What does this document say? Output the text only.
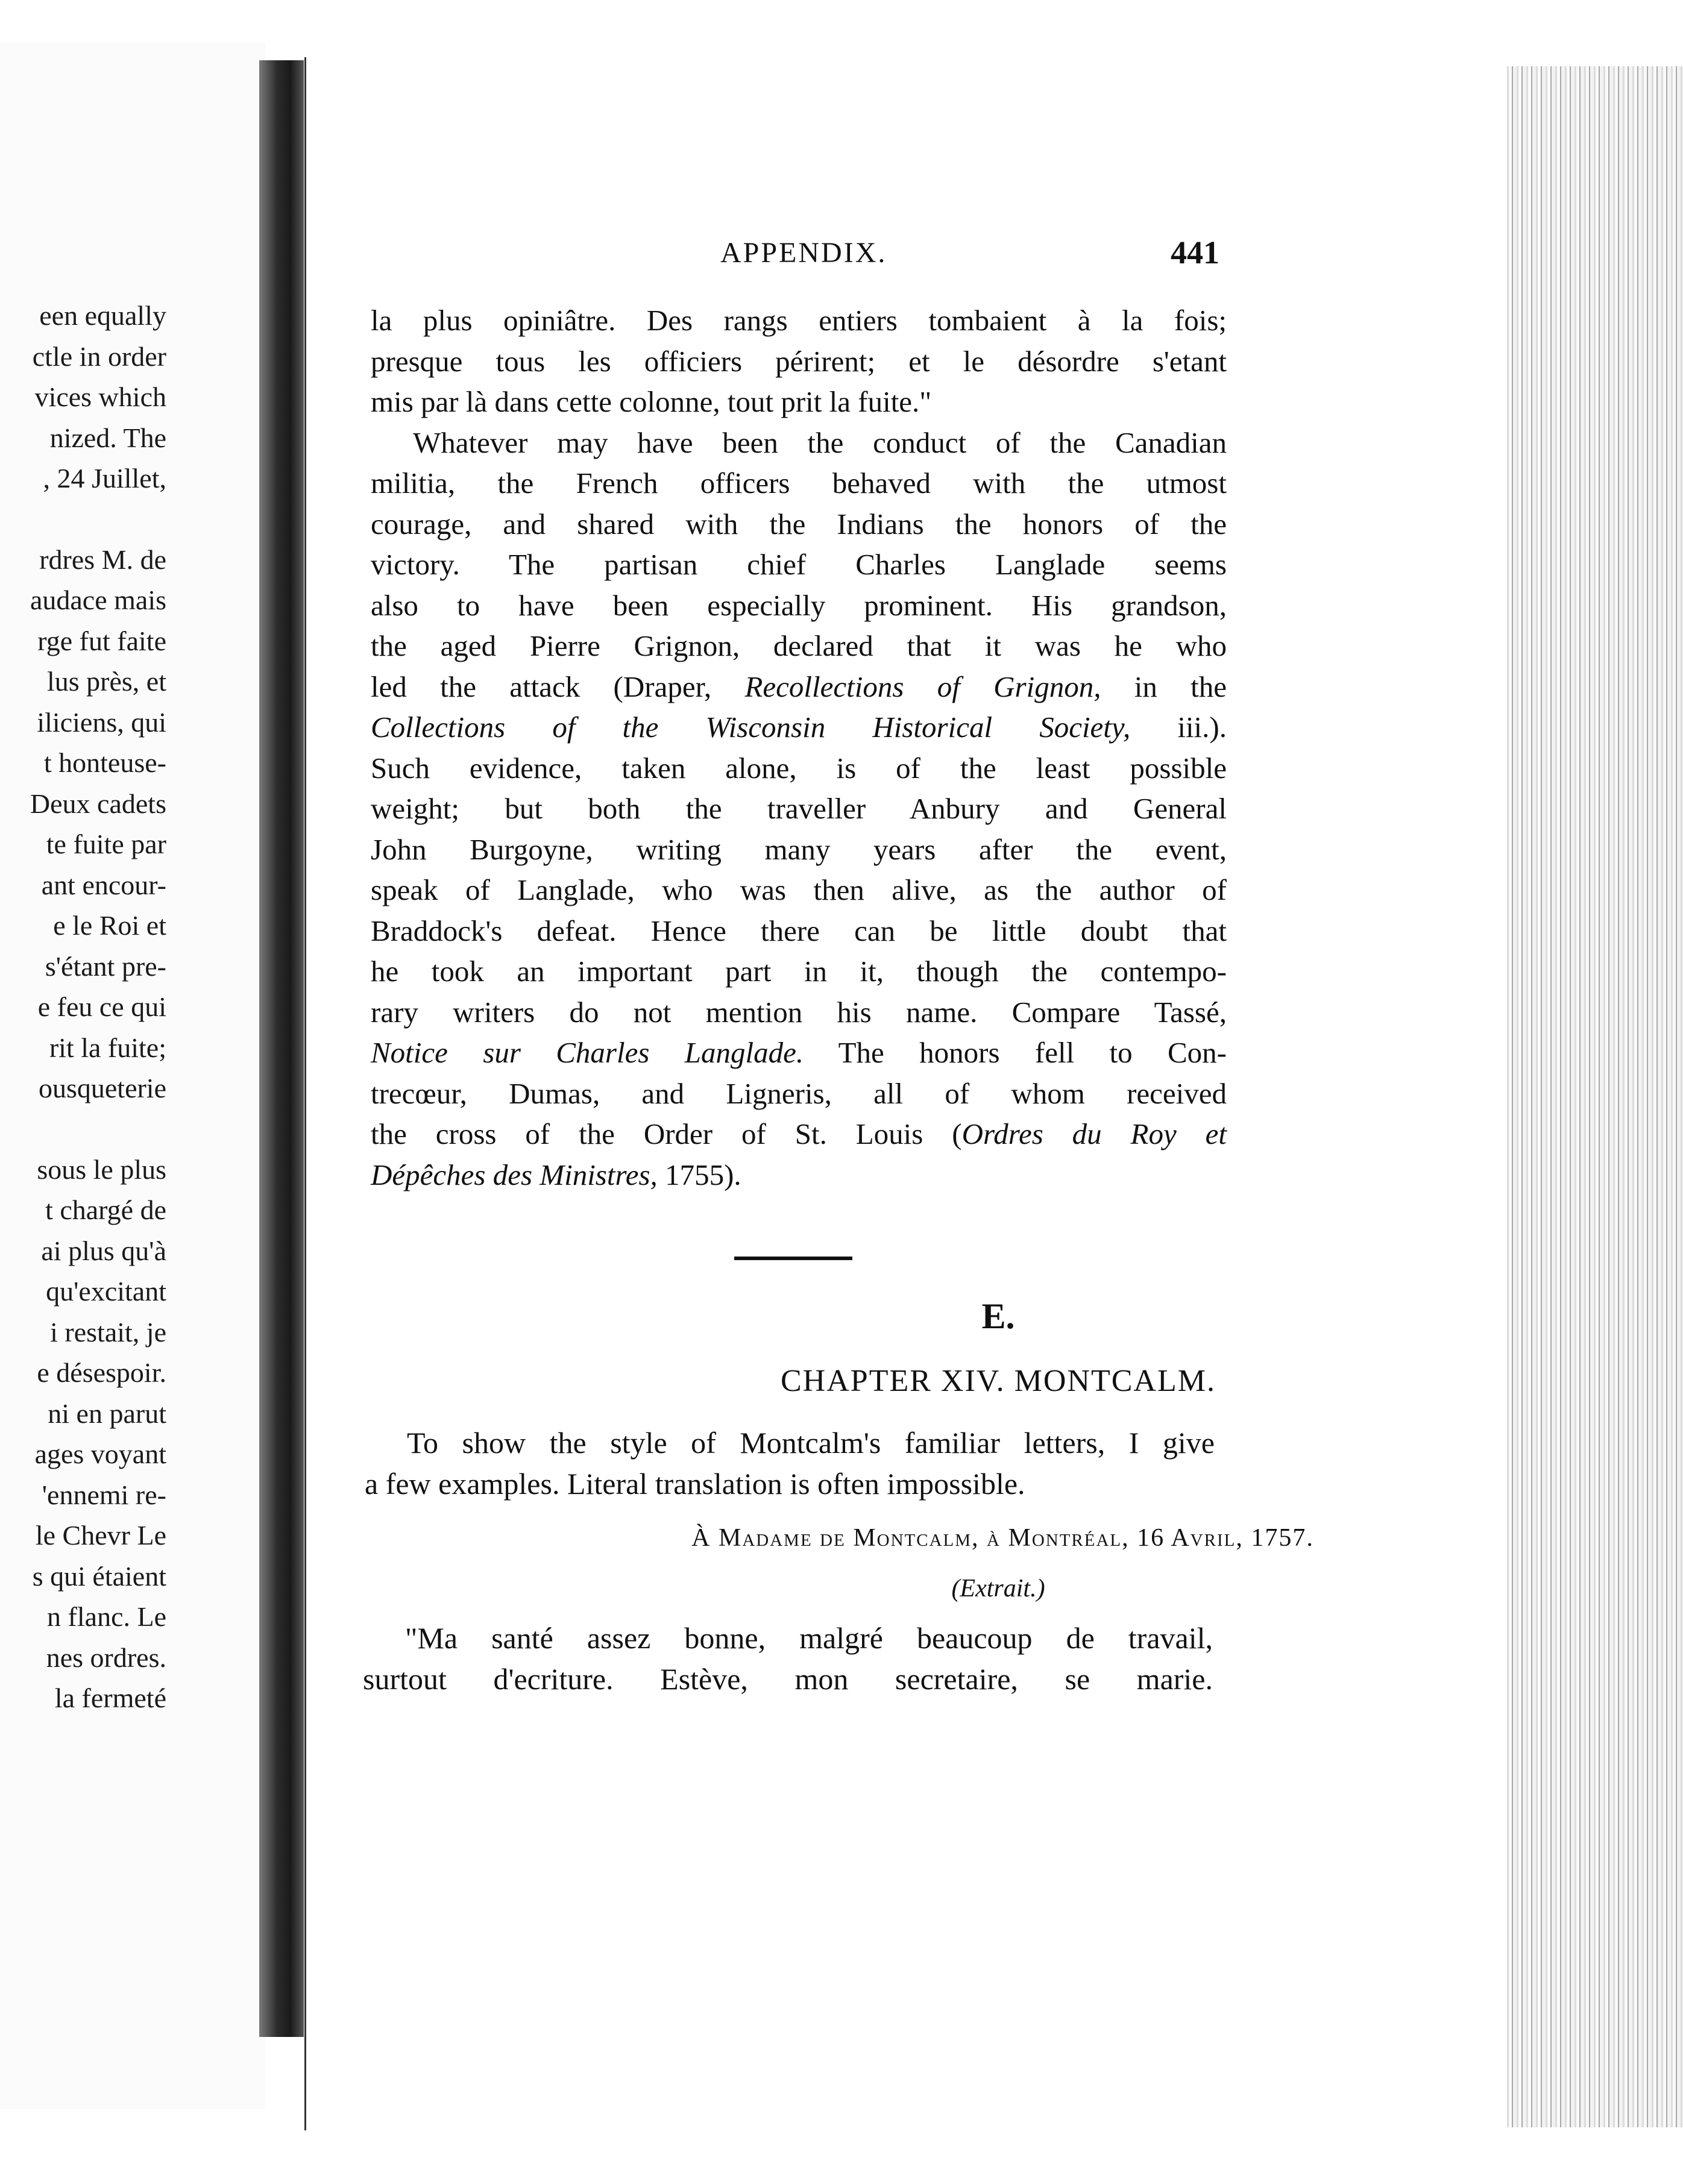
een equally
ctle in order
vices which
nized. The
, 24 Juillet,
rdres M. de
audace mais
rge fut faite
lus près, et
iliciens, qui
t honteuse-
Deux cadets
te fuite par
ant encour-
e le Roi et
s'étant pre-
e feu ce qui
rit la fuite;
ousqueterie
sous le plus
t chargé de
ai plus qu'à
qu'excitant
i restait, je
e désespoir.
ni en parut
ages voyant
'ennemi re-
le Chevr Le
s qui étaient
n flanc. Le
nes ordres.
la fermeté
APPENDIX.	441

la plus opiniâtre. Des rangs entiers tombaient à la fois;

presque tous les officiers périrent; et le désordre s'etant

mis par là dans cette colonne, tout prit la fuite."

Whatever may have been the conduct of the Canadian

militia, the French officers behaved with the utmost

courage, and shared with the Indians the honors of the

victory. The partisan chief Charles Langlade seems

also to have been especially prominent. His grandson,

the aged Pierre Grignon, declared that it was he who

led the attack (Draper, Recollections of Grignon, in the

Collections of the Wisconsin Historical Society, iii.).

Such evidence, taken alone, is of the least possible

weight; but both the traveller Anbury and General

John Burgoyne, writing many years after the event,

speak of Langlade, who was then alive, as the author of

Braddock's defeat. Hence there can be little doubt that

he took an important part in it, though the contempo-

rary writers do not mention his name. Compare Tassé,

Notice sur Charles Langlade. The honors fell to Con-

trecœur, Dumas, and Ligneris, all of whom received

the cross of the Order of St. Louis (Ordres du Roy et

Dépêches des Ministres, 1755).

E.
CHAPTER XIV. MONTCALM.

To show the style of Montcalm's familiar letters, I give

a few examples. Literal translation is often impossible.

À Madame de Montcalm, à Montréal, 16 Avril, 1757.
(Extrait.)

"Ma santé assez bonne, malgré beaucoup de travail,

surtout d'ecriture. Estève, mon secretaire, se marie.
